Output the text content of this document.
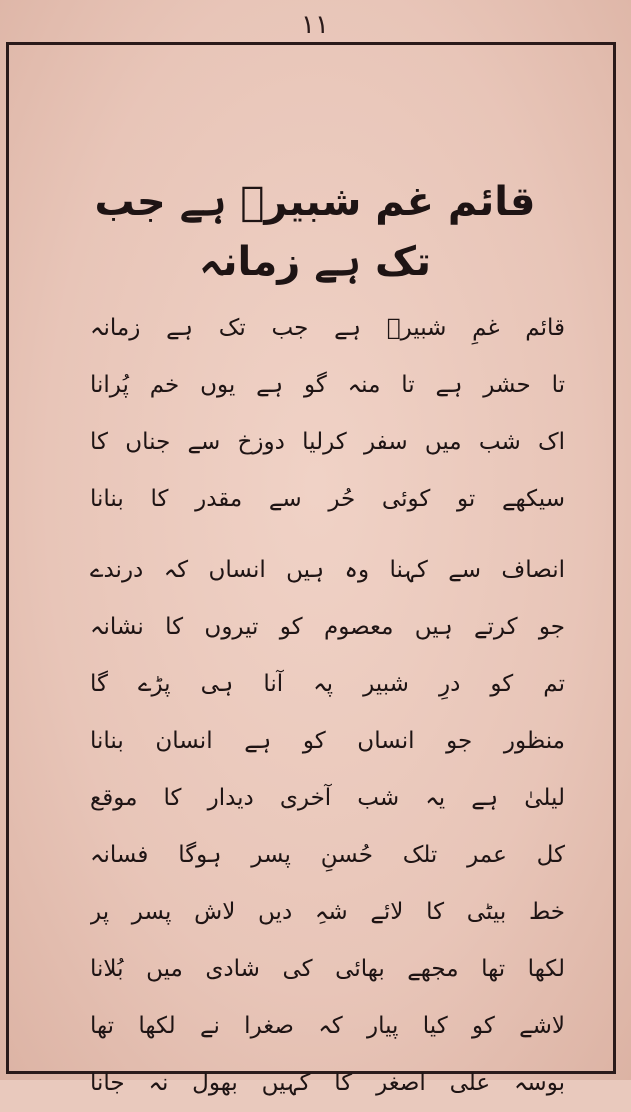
۱۱
قائم غم شبیرؑ ہے جب تک ہے زمانہ
قائم غمِ شبیرؑ ہے جب تک ہے زمانہ
تا حشر ہے تا منہ گو ہے یوں خم پُرانا
اک شب میں سفر کرلیا دوزخ سے جناں کا
سیکھے تو کوئی حُر سے مقدر کا بنانا
انصاف سے کہنا وہ ہیں انساں کہ درندے
جو کرتے ہیں معصوم کو تیروں کا نشانہ
تم کو درِ شبیر پہ آنا ہی پڑے گا
منظور جو انساں کو ہے انسان بنانا
لیلیٰ ہے یہ شب آخری دیدار کا موقع
کل عمر تلک حُسنِ پسر ہوگا فسانہ
خط بیٹی کا لائے شہِ دیں لاش پسر پر
لکھا تھا مجھے بھائی کی شادی میں بُلانا
لاشے کو کیا پیار کہ صغرا نے لکھا تھا
بوسہ علی اصغر کا کہیں بھول نہ جانا
